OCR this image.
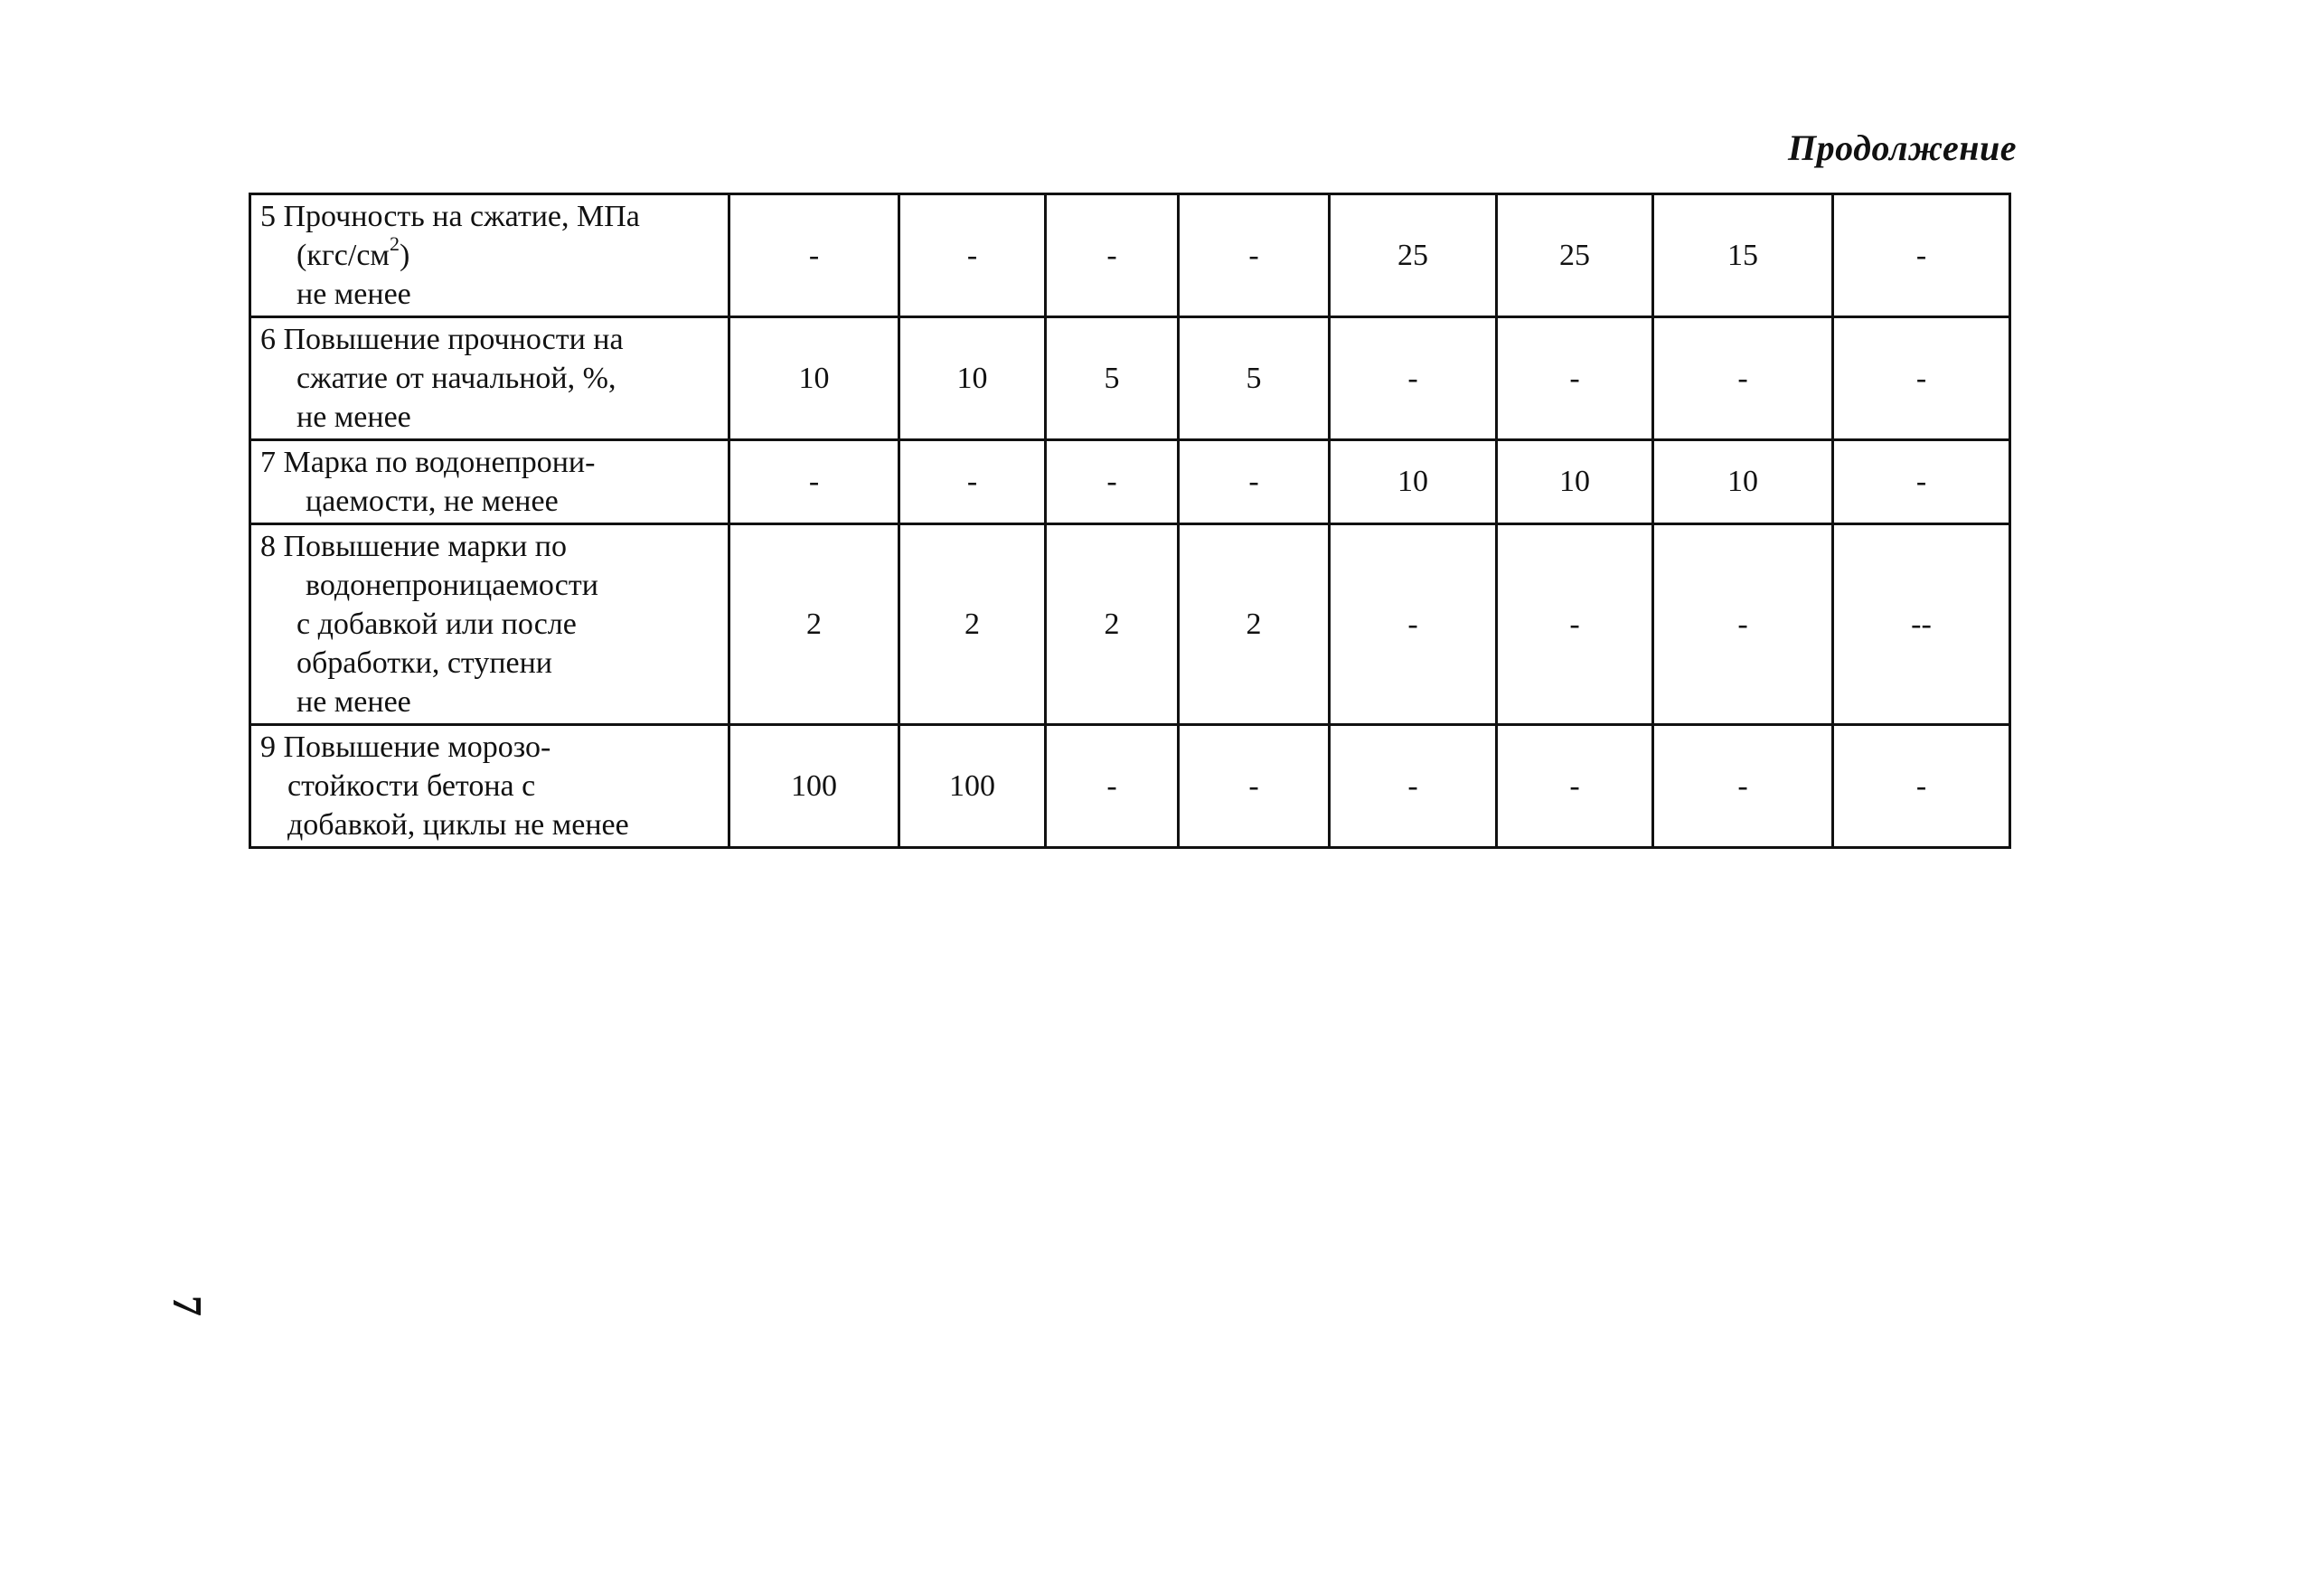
Продолжение
5 Прочность на сжатие, МПа
$(кгс/см^2)$
не менее	-	-	-	-	25	25	15	-

6 Повышение прочности на
сжатие от начальной, %,
не менее	10	10	5	5	-	-	-	-

7 Марка по водонепрони-
цаемости, не менее	-	-	-	-	10	10	10	-

8 Повышение марки по
водонепроницаемости
с добавкой или после
обработки, ступени
не менее	2	2	2	2	-	-	-	--

9 Повышение морозо-
стойкости бетона с
добавкой, циклы не менее	100	100	-	-	-	-	-	-
7
